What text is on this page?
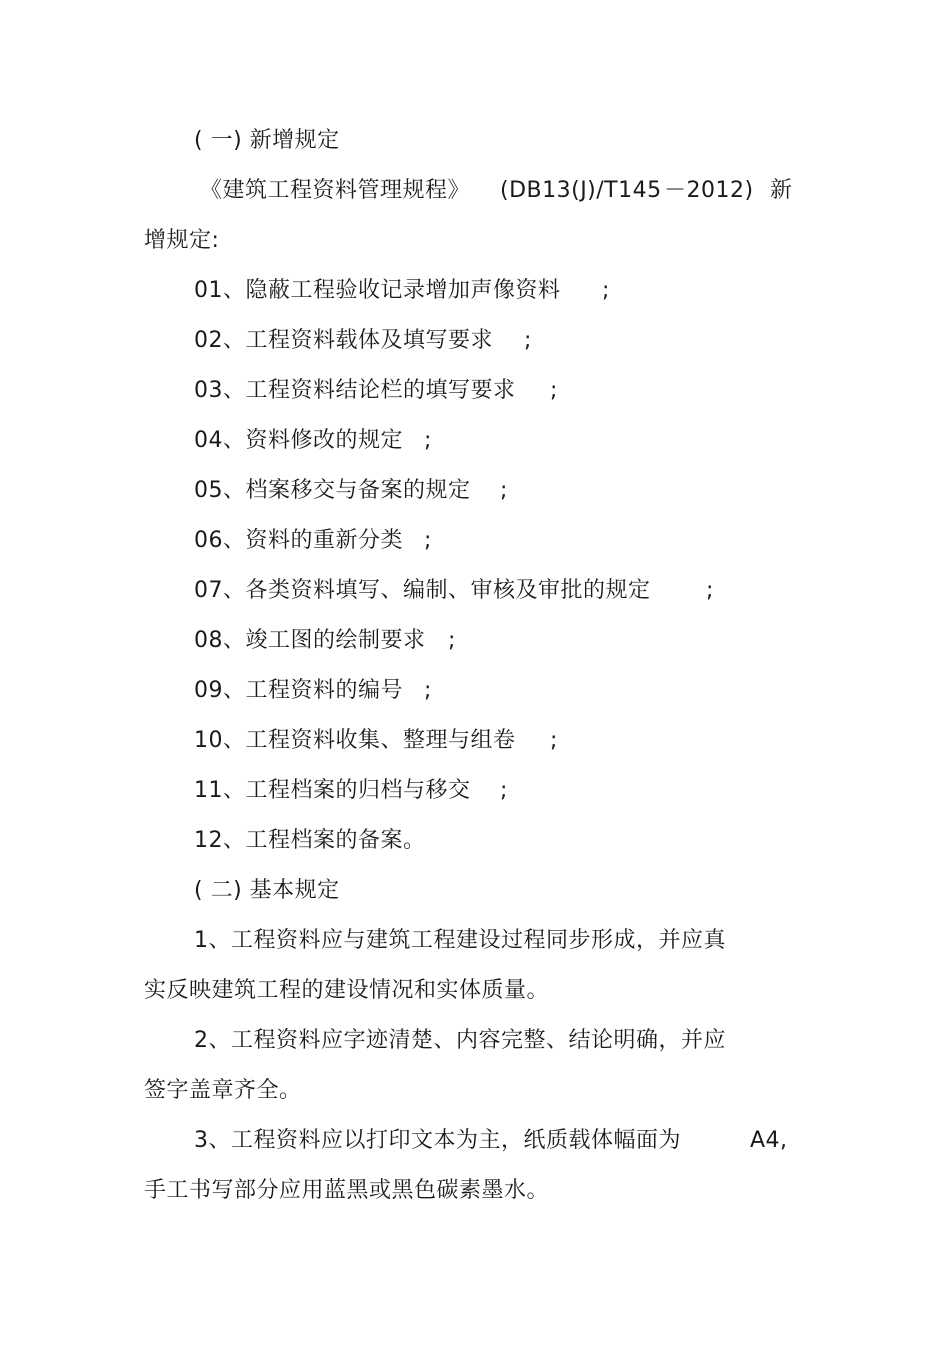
( 一) 新增规定
《建筑工程资料管理规程》 (DB13(J)/T145 －2012) 新
增规定:
01、隐蔽工程验收记录增加声像资料 ;
02、工程资料载体及填写要求 ;
03、工程资料结论栏的填写要求 ;
04、资料修改的规定 ;
05、档案移交与备案的规定 ;
06、资料的重新分类 ;
07、各类资料填写、编制、审核及审批的规定	;
08、竣工图的绘制要求 ;
09、工程资料的编号 ;
10、工程资料收集、整理与组卷 ;
11、工程档案的归档与移交 ;
12、工程档案的备案。
( 二) 基本规定
1、工程资料应与建筑工程建设过程同步形成，并应真
实反映建筑工程的建设情况和实体质量。
2、工程资料应字迹清楚、内容完整、结论明确，并应
签字盖章齐全。
3、工程资料应以打印文本为主，纸质载体幅面为	A4,
手工书写部分应用蓝黑或黑色碳素墨水。
